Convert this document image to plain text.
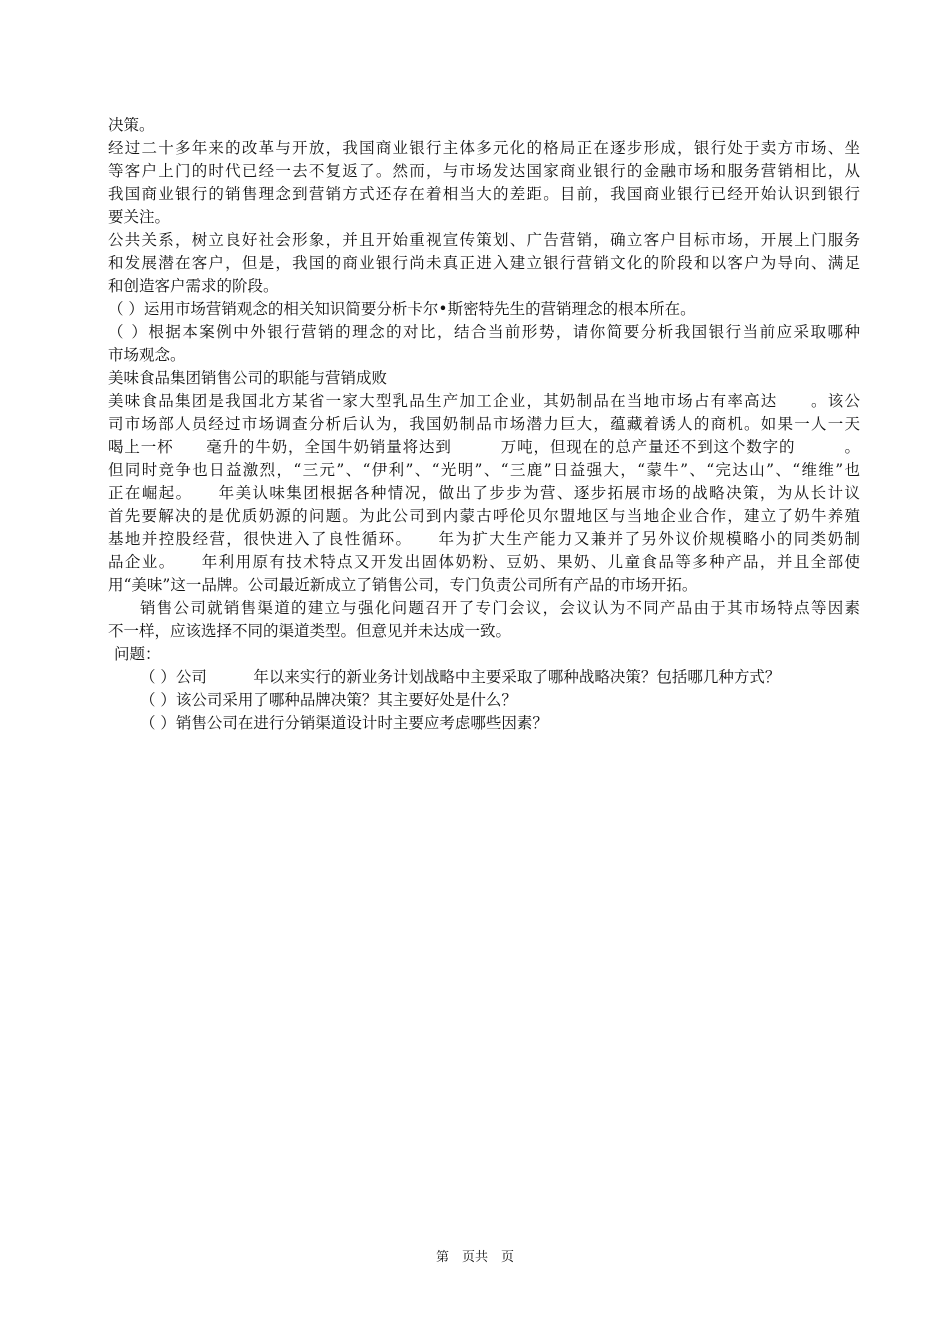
决策。
经过二十多年来的改革与开放，我国商业银行主体多元化的格局正在逐步形成，银行处于卖方市场、坐
等客户上门的时代已经一去不复返了。然而，与市场发达国家商业银行的金融市场和服务营销相比，从
我国商业银行的销售理念到营销方式还存在着相当大的差距。目前，我国商业银行已经开始认识到银行
要关注。
公共关系，树立良好社会形象，并且开始重视宣传策划、广告营销，确立客户目标市场，开展上门服务
和发展潜在客户，但是，我国的商业银行尚未真正进入建立银行营销文化的阶段和以客户为导向、满足
和创造客户需求的阶段。
（ ）运用市场营销观念的相关知识简要分析卡尔•斯密特先生的营销理念的根本所在。
（ ）根据本案例中外银行营销的理念的对比，结合当前形势，请你简要分析我国银行当前应采取哪种
市场观念。
美味食品集团销售公司的职能与营销成败
美味食品集团是我国北方某省一家大型乳品生产加工企业，其奶制品在当地市场占有率高达　　。该公
司市场部人员经过市场调查分析后认为，我国奶制品市场潜力巨大，蕴藏着诱人的商机。如果一人一天
喝上一杯　　毫升的牛奶，全国牛奶销量将达到　　　万吨，但现在的总产量还不到这个数字的　　　。
但同时竞争也日益激烈，“三元”、“伊利”、“光明”、“三鹿”日益强大，“蒙牛”、“完达山”、“维维”也
正在崛起。　　年美认味集团根据各种情况，做出了步步为营、逐步拓展市场的战略决策，为从长计议
首先要解决的是优质奶源的问题。为此公司到内蒙古呼伦贝尔盟地区与当地企业合作，建立了奶牛养殖
基地并控股经营，很快进入了良性循环。　　年为扩大生产能力又兼并了另外议价规模略小的同类奶制
品企业。　　年利用原有技术特点又开发出固体奶粉、豆奶、果奶、儿童食品等多种产品，并且全部使
用“美味”这一品牌。公司最近新成立了销售公司，专门负责公司所有产品的市场开拓。
销售公司就销售渠道的建立与强化问题召开了专门会议，会议认为不同产品由于其市场特点等因素
不一样，应该选择不同的渠道类型。但意见并未达成一致。
问题：
（ ）公司　　　年以来实行的新业务计划战略中主要采取了哪种战略决策？包括哪几种方式？
（ ）该公司采用了哪种品牌决策？其主要好处是什么？
（ ）销售公司在进行分销渠道设计时主要应考虑哪些因素？
第　页共　页
